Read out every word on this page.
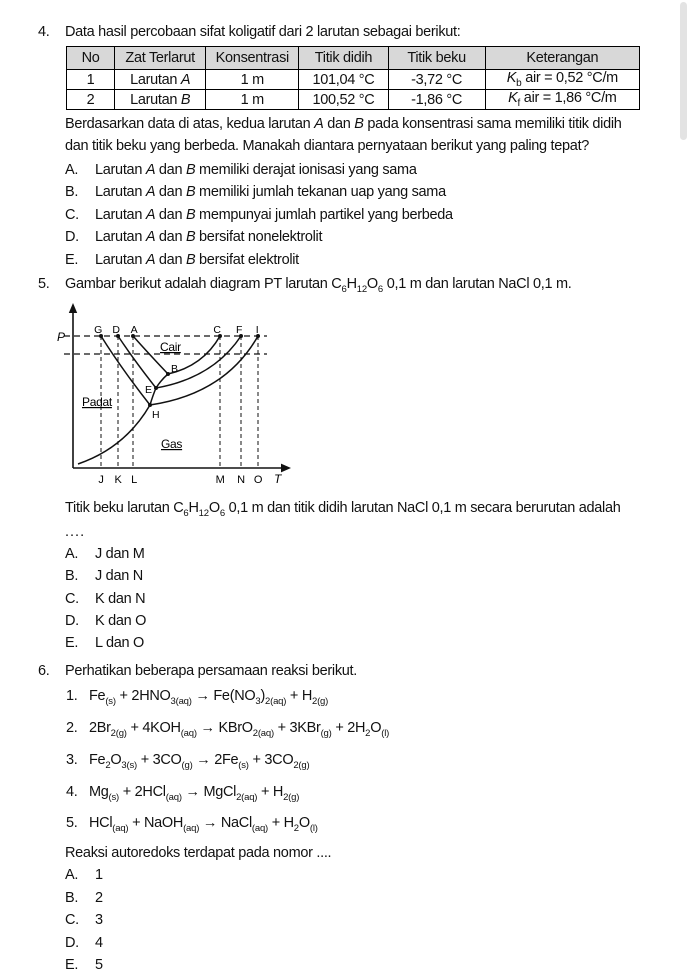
4.	Data hasil percobaan sifat koligatif dari 2 larutan sebagai berikut:
No	Zat Terlarut	Konsentrasi	Titik didih	Titik beku	Keterangan
1	Larutan A	1 m	101,04 °C	-3,72 °C	$K_b$ air = 0,52 °C/m
2	Larutan B	1 m	100,52 °C	-1,86 °C	$K_f$ air = 1,86 °C/m
Berdasarkan data di atas, kedua larutan A dan B pada konsentrasi sama memiliki titik didih
dan titik beku yang berbeda. Manakah diantara pernyataan berikut yang paling tepat?
A.	Larutan A dan B memiliki derajat ionisasi yang sama
B.	Larutan A dan B memiliki jumlah tekanan uap yang sama
C.	Larutan A dan B mempunyai jumlah partikel yang berbeda
D.	Larutan A dan B bersifat nonelektrolit
E.	Larutan A dan B bersifat elektrolit
5.	Gambar berikut adalah diagram PT larutan $C_6H_{12}O_6$ 0,1 m dan larutan NaCl 0,1 m.
P
T
G D A	C F I
B
E
H
Cair
Padat
Gas
J K L	M N O
Titik beku larutan $C_6H_{12}O_6$ 0,1 m dan titik didih larutan NaCl 0,1 m secara berurutan adalah
....
A.	J dan M
B.	J dan N
C.	K dan N
D.	K dan O
E.	L dan O
6.	Perhatikan beberapa persamaan reaksi berikut.
1. $Fe_{(s)} + 2HNO_{3(aq)} \to Fe(NO_3)_{2(aq)} + H_{2(g)}$
2. $2Br_{2(g)} + 4KOH_{(aq)}$ → KBrO$_{2(aq)}$ + $3KBr_{(g)} + 2H_2O_{(l)}$
3. $Fe_2O_{3(s)} + 3CO_{(g)} \to 2Fe_{(s)} + 3CO_{2(g)}$
4. $Mg_{(s)} + 2HCl_{(aq)}$ → MgCl$_{2(aq)}$ + $H_{2(g)}$
5. HCl$_{(aq)}$ + NaOH$_{(aq)}$ → NaCl$_{(aq)}$ + $H_2O_{(l)}$
Reaksi autoredoks terdapat pada nomor ....
A.	1
B.	2
C.	3
D.	4
E.	5
